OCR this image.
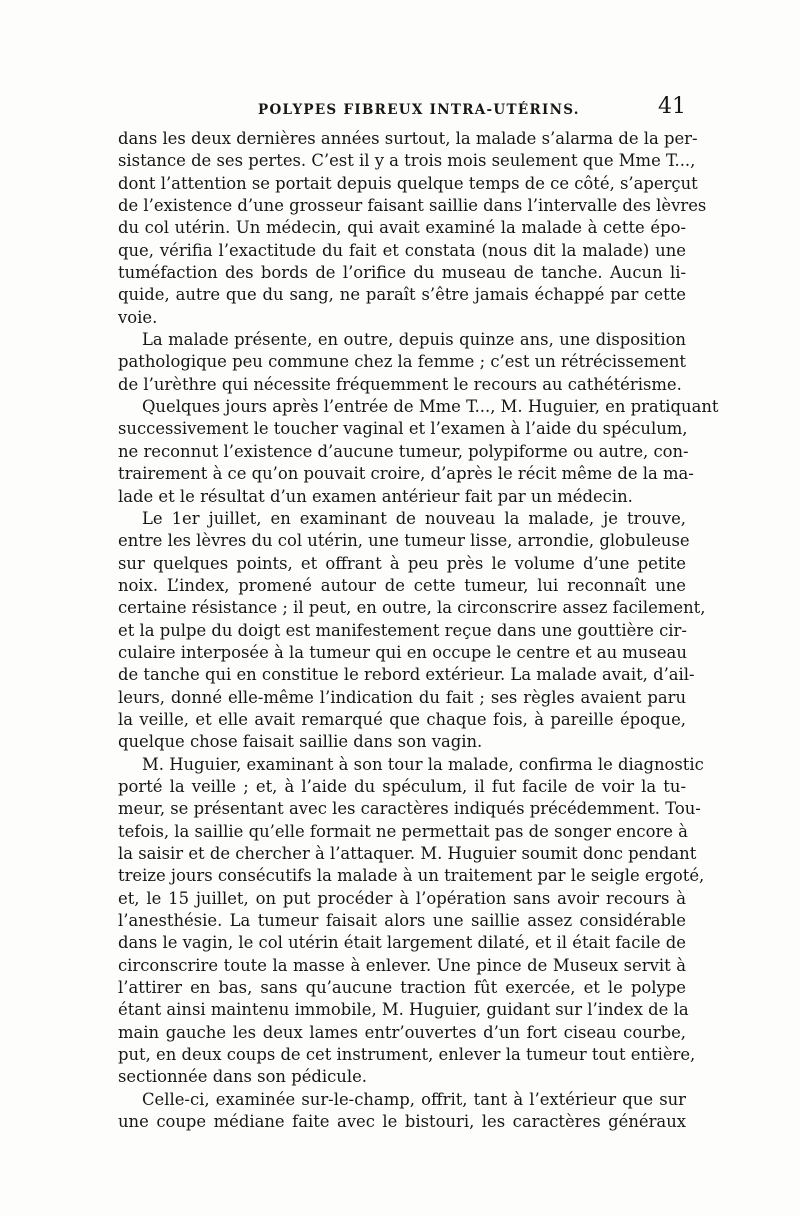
POLYPES FIBREUX INTRA-UTÉRINS.	41
dans les deux dernières années surtout, la malade s’alarma de la per-
sistance de ses pertes. C’est il y a trois mois seulement que Mme T...,
dont l’attention se portait depuis quelque temps de ce côté, s’aperçut
de l’existence d’une grosseur faisant saillie dans l’intervalle des lèvres
du col utérin. Un médecin, qui avait examiné la malade à cette épo-
que, vérifia l’exactitude du fait et constata (nous dit la malade) une
tuméfaction des bords de l’orifice du museau de tanche. Aucun li-
quide, autre que du sang, ne paraît s’être jamais échappé par cette
voie.
La malade présente, en outre, depuis quinze ans, une disposition
pathologique peu commune chez la femme ; c’est un rétrécissement
de l’urèthre qui nécessite fréquemment le recours au cathétérisme.
Quelques jours après l’entrée de Mme T..., M. Huguier, en pratiquant
successivement le toucher vaginal et l’examen à l’aide du spéculum,
ne reconnut l’existence d’aucune tumeur, polypiforme ou autre, con-
trairement à ce qu’on pouvait croire, d’après le récit même de la ma-
lade et le résultat d’un examen antérieur fait par un médecin.
Le 1er juillet, en examinant de nouveau la malade, je trouve,
entre les lèvres du col utérin, une tumeur lisse, arrondie, globuleuse
sur quelques points, et offrant à peu près le volume d’une petite
noix. L’index, promené autour de cette tumeur, lui reconnaît une
certaine résistance ; il peut, en outre, la circonscrire assez facilement,
et la pulpe du doigt est manifestement reçue dans une gouttière cir-
culaire interposée à la tumeur qui en occupe le centre et au museau
de tanche qui en constitue le rebord extérieur. La malade avait, d’ail-
leurs, donné elle-même l’indication du fait ; ses règles avaient paru
la veille, et elle avait remarqué que chaque fois, à pareille époque,
quelque chose faisait saillie dans son vagin.
M. Huguier, examinant à son tour la malade, confirma le diagnostic
porté la veille ; et, à l’aide du spéculum, il fut facile de voir la tu-
meur, se présentant avec les caractères indiqués précédemment. Tou-
tefois, la saillie qu’elle formait ne permettait pas de songer encore à
la saisir et de chercher à l’attaquer. M. Huguier soumit donc pendant
treize jours consécutifs la malade à un traitement par le seigle ergoté,
et, le 15 juillet, on put procéder à l’opération sans avoir recours à
l’anesthésie. La tumeur faisait alors une saillie assez considérable
dans le vagin, le col utérin était largement dilaté, et il était facile de
circonscrire toute la masse à enlever. Une pince de Museux servit à
l’attirer en bas, sans qu’aucune traction fût exercée, et le polype
étant ainsi maintenu immobile, M. Huguier, guidant sur l’index de la
main gauche les deux lames entr’ouvertes d’un fort ciseau courbe,
put, en deux coups de cet instrument, enlever la tumeur tout entière,
sectionnée dans son pédicule.
Celle-ci, examinée sur-le-champ, offrit, tant à l’extérieur que sur
une coupe médiane faite avec le bistouri, les caractères généraux
